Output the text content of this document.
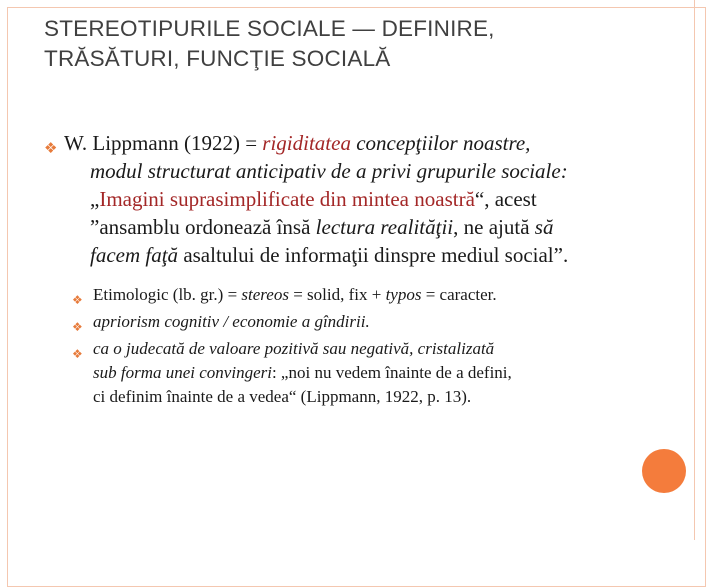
STEREOTIPURILE SOCIALE — DEFINIRE,
TRĂSĂTURI, FUNCŢIE SOCIALĂ
❖ W. Lippmann (1922) = rigiditatea concepţiilor noastre,
modul structurat anticipativ de a privi grupurile sociale:
„Imagini suprasimplificate din mintea noastră“, acest
”ansamblu ordonează însă lectura realităţii, ne ajută să
facem faţă asaltului de informaţii dinspre mediul social”.

❖ Etimologic (lb. gr.) = stereos = solid, fix + typos = caracter.

❖ apriorism cognitiv / economie a gîndirii.

❖ ca o judecată de valoare pozitivă sau negativă, cristalizată
sub forma unei convingeri: „noi nu vedem înainte de a defini,
ci definim înainte de a vedea“ (Lippmann, 1922, p. 13).
